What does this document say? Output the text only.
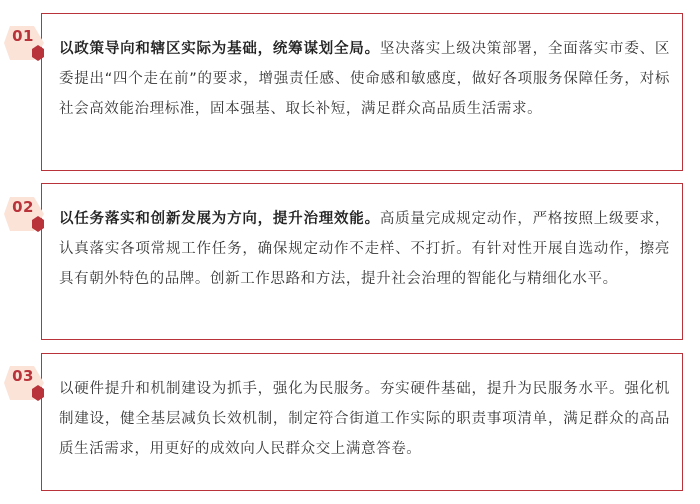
以政策导向和辖区实际为基础，统筹谋划全局。坚决落实上级决策部署，全面落实市委、区委提出“四个走在前”的要求，增强责任感、使命感和敏感度，做好各项服务保障任务，对标社会高效能治理标准，固本强基、取长补短，满足群众高品质生活需求。

01

以任务落实和创新发展为方向，提升治理效能。高质量完成规定动作，严格按照上级要求，认真落实各项常规工作任务，确保规定动作不走样、不打折。有针对性开展自选动作，擦亮具有朝外特色的品牌。创新工作思路和方法，提升社会治理的智能化与精细化水平。

02

以硬件提升和机制建设为抓手，强化为民服务。夯实硬件基础，提升为民服务水平。强化机制建设，健全基层减负长效机制，制定符合街道工作实际的职责事项清单，满足群众的高品质生活需求，用更好的成效向人民群众交上满意答卷。

03
